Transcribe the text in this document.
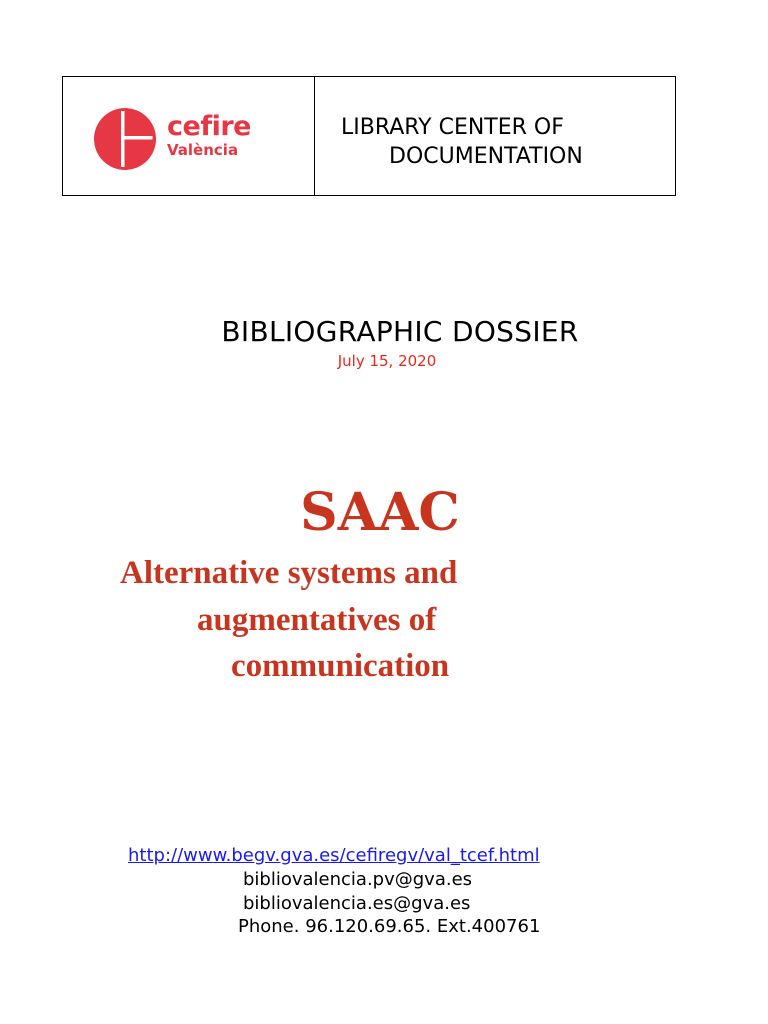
cefire
València
LIBRARY CENTER OF
DOCUMENTATION
BIBLIOGRAPHIC DOSSIER
July 15, 2020
SAAC
Alternative systems and
augmentatives of
communication
http://www.begv.gva.es/cefiregv/val_tcef.html
bibliovalencia.pv@gva.es
bibliovalencia.es@gva.es
Phone. 96.120.69.65. Ext.400761
